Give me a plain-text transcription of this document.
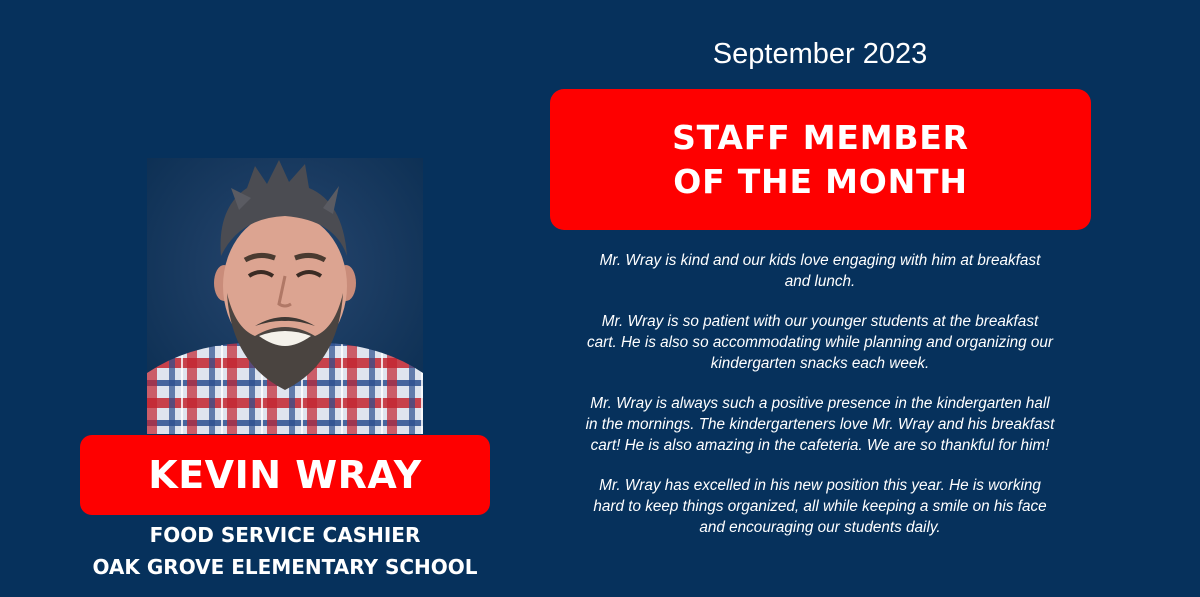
KEVIN WRAY
FOOD SERVICE CASHIER
OAK GROVE ELEMENTARY SCHOOL
September 2023
STAFF MEMBER
OF THE MONTH

Mr. Wray is kind and our kids love engaging with him at breakfast and lunch.

Mr. Wray is so patient with our younger students at the breakfast cart. He is also so accommodating while planning and organizing our kindergarten snacks each week.

Mr. Wray is always such a positive presence in the kindergarten hall in the mornings. The kindergarteners love Mr. Wray and his breakfast cart! He is also amazing in the cafeteria. We are so thankful for him!

Mr. Wray has excelled in his new position this year. He is working hard to keep things organized, all while keeping a smile on his face and encouraging our students daily.
